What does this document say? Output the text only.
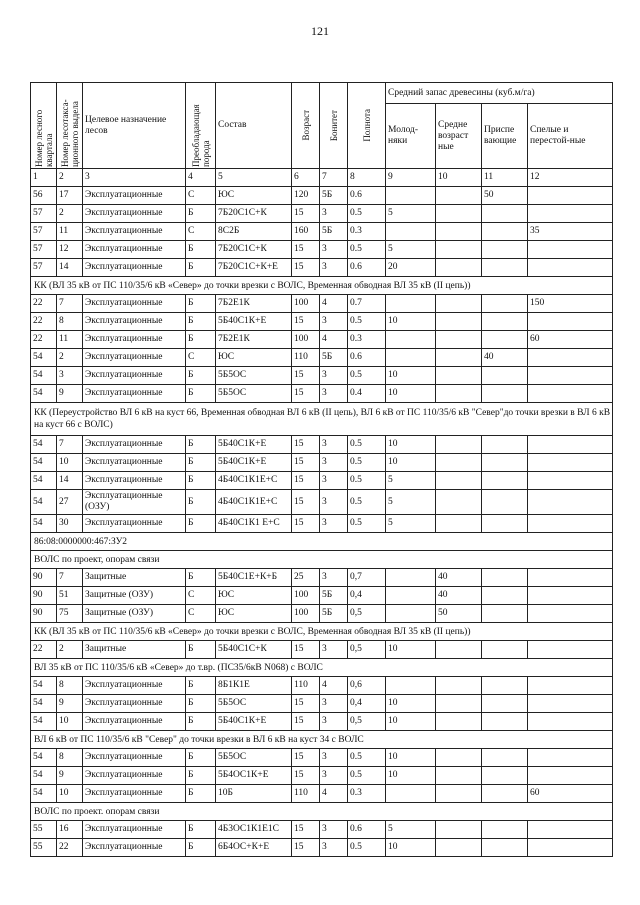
121
Номер лесного квартала	Номер лесотакса-ционного выдела	Целевое назначение лесов	Преобладающая порода	Состав	Возраст	Бонитет	Полнота	Средний запас древесины (куб.м/га)			
								Молод-няки	Средне возраст ные	Приспе вающие	Спелые и перестой-ные
1	2	3	4	5	6	7	8	9	10	11	12
56	17	Эксплуатационные	С	ЮС	120	5Б	0.6			50	
57	2	Эксплуатационные	Б	7Б20С1С+К	15	3	0.5	5			
57	11	Эксплуатационные	С	8С2Б	160	5Б	0.3				35
57	12	Эксплуатационные	Б	7Б20С1С+К	15	3	0.5	5			
57	14	Эксплуатационные	Б	7Б20С1С+К+Е	15	3	0.6	20			
КК (ВЛ 35 кВ от ПС 110/35/6 кВ «Север» до точки врезки с ВОЛС, Временная обводная ВЛ 35 кВ (II цепь))											
22	7	Эксплуатационные	Б	7Б2Е1К	100	4	0.7				150
22	8	Эксплуатационные	Б	5Б40С1К+Е	15	3	0.5	10			
22	11	Эксплуатационные	Б	7Б2Е1К	100	4	0.3				60
54	2	Эксплуатационные	С	ЮС	110	5Б	0.6			40	
54	3	Эксплуатационные	Б	5Б5ОС	15	3	0.5	10			
54	9	Эксплуатационные	Б	5Б5ОС	15	3	0.4	10			
КК (Переустройство ВЛ 6 кВ на куст 66, Временная обводная ВЛ 6 кВ (II цепь), ВЛ 6 кВ от ПС 110/35/6 кВ "Север"до точки врезки в ВЛ 6 кВ на куст 66 с ВОЛС)											
54	7	Эксплуатационные	Б	5Б40С1К+Е	15	3	0.5	10			
54	10	Эксплуатационные	Б	5Б40С1К+Е	15	3	0.5	10			
54	14	Эксплуатационные	Б	4Б40С1К1Е+С	15	3	0.5	5			
54	27	Эксплуатационные (ОЗУ)	Б	4Б40С1К1Е+С	15	3	0.5	5			
54	30	Эксплуатационные	Б	4Б40С1К1 Е+С	15	3	0.5	5			
86:08:0000000:467:ЗУ2											
ВОЛС по проект, опорам связи											
90	7	Защитные	Б	5Б40С1Е+К+Б	25	3	0,7		40		
90	51	Защитные (ОЗУ)	С	ЮС	100	5Б	0,4		40		
90	75	Защитные (ОЗУ)	С	ЮС	100	5Б	0,5		50		
КК (ВЛ 35 кВ от ПС 110/35/6 кВ «Север» до точки врезки с ВОЛС, Временная обводная ВЛ 35 кВ (II цепь))											
22	2	Защитные	Б	5Б40С1С+К	15	3	0,5	10			
ВЛ 35 кВ от ПС 110/35/6 кВ «Север» до т.вр. (ПС35/6кВ N068) с ВОЛС											
54	8	Эксплуатационные	Б	8Б1К1Е	110	4	0,6				
54	9	Эксплуатационные	Б	5Б5ОС	15	3	0,4	10			
54	10	Эксплуатационные	Б	5Б40С1К+Е	15	3	0,5	10			
ВЛ 6 кВ от ПС 110/35/6 кВ "Север" до точки врезки в ВЛ 6 кВ на куст 34 с ВОЛС											
54	8	Эксплуатационные	Б	5Б5ОС	15	3	0.5	10			
54	9	Эксплуатационные	Б	5Б4ОС1К+Е	15	3	0.5	10			
54	10	Эксплуатационные	Б	10Б	110	4	0.3				60
ВОЛС по проект. опорам связи											
55	16	Эксплуатационные	Б	4Б3ОС1К1Е1С	15	3	0.6	5			
55	22	Эксплуатационные	Б	6Б4ОС+К+Е	15	3	0.5	10			
